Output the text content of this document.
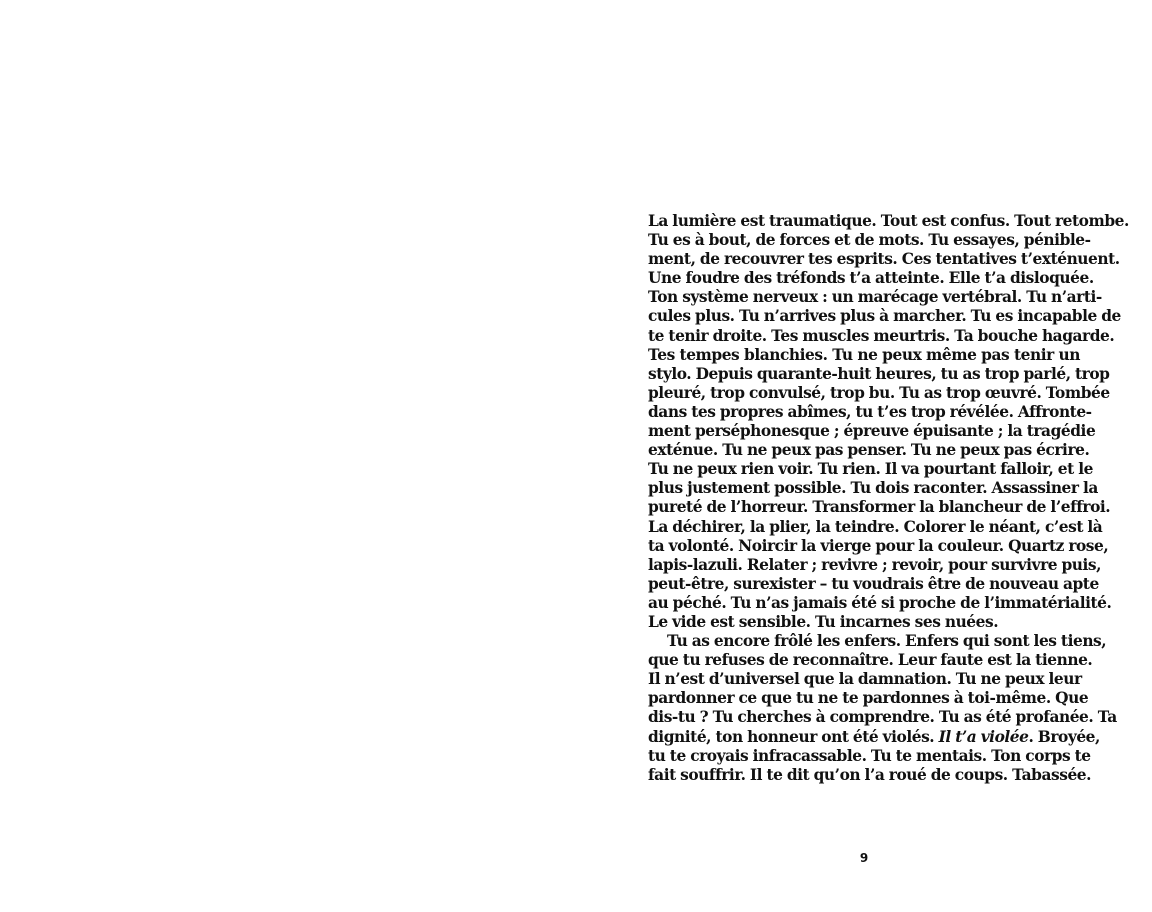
La lumière est traumatique. Tout est confus. Tout retombe.
Tu es à bout, de forces et de mots. Tu essayes, pénible-
ment, de recouvrer tes esprits. Ces tentatives t’exténuent.
Une foudre des tréfonds t’a atteinte. Elle t’a disloquée.
Ton système nerveux : un marécage vertébral. Tu n’arti-
cules plus. Tu n’arrives plus à marcher. Tu es incapable de
te tenir droite. Tes muscles meurtris. Ta bouche hagarde.
Tes tempes blanchies. Tu ne peux même pas tenir un
stylo. Depuis quarante-huit heures, tu as trop parlé, trop
pleuré, trop convulsé, trop bu. Tu as trop œuvré. Tombée
dans tes propres abîmes, tu t’es trop révélée. Affronte-
ment perséphonesque ; épreuve épuisante ; la tragédie
exténue. Tu ne peux pas penser. Tu ne peux pas écrire.
Tu ne peux rien voir. Tu rien. Il va pourtant falloir, et le
plus justement possible. Tu dois raconter. Assassiner la
pureté de l’horreur. Transformer la blancheur de l’effroi.
La déchirer, la plier, la teindre. Colorer le néant, c’est là
ta volonté. Noircir la vierge pour la couleur. Quartz rose,
lapis-lazuli. Relater ; revivre ; revoir, pour survivre puis,
peut-être, surexister – tu voudrais être de nouveau apte
au péché. Tu n’as jamais été si proche de l’immatérialité.
Le vide est sensible. Tu incarnes ses nuées.
Tu as encore frôlé les enfers. Enfers qui sont les tiens,
que tu refuses de reconnaître. Leur faute est la tienne.
Il n’est d’universel que la damnation. Tu ne peux leur
pardonner ce que tu ne te pardonnes à toi-même. Que
dis-tu ? Tu cherches à comprendre. Tu as été profanée. Ta
dignité, ton honneur ont été violés. Il t’a violée. Broyée,
tu te croyais infracassable. Tu te mentais. Ton corps te
fait souffrir. Il te dit qu’on l’a roué de coups. Tabassée.
9
